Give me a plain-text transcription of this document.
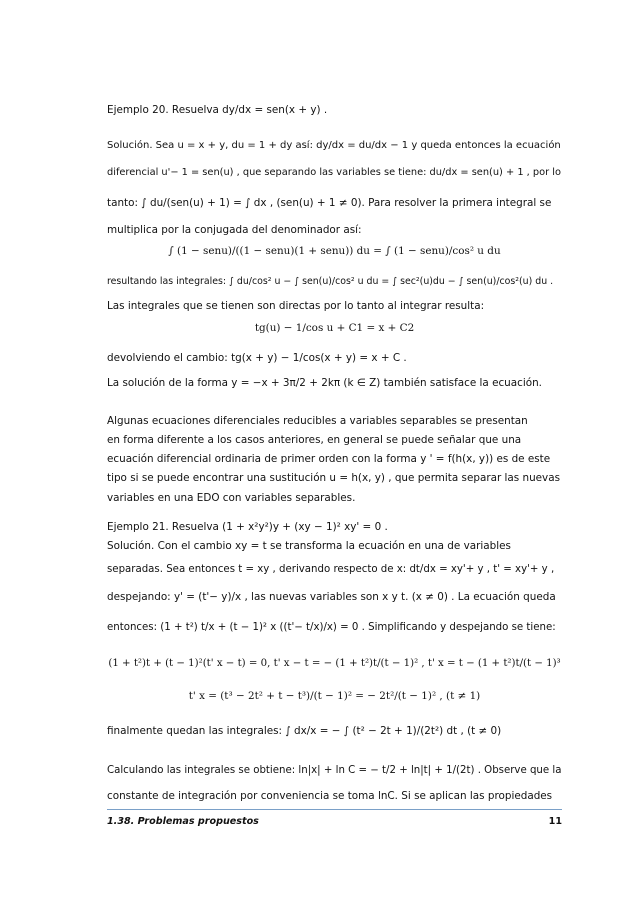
Ejemplo 20. Resuelva dy/dx = sen(x + y) .
Solución. Sea u = x + y, du = 1 + dy así: dy/dx = du/dx − 1 y queda entonces la ecuación
diferencial u'− 1 = sen(u) , que separando las variables se tiene: du/dx = sen(u) + 1 , por lo
tanto: ∫ du/(sen(u) + 1) = ∫ dx , (sen(u) + 1 ≠ 0). Para resolver la primera integral se
multiplica por la conjugada del denominador así:
∫ (1 − senu)/((1 − senu)(1 + senu)) du = ∫ (1 − senu)/cos² u du
resultando las integrales: ∫ du/cos² u − ∫ sen(u)/cos² u du = ∫ sec²(u)du − ∫ sen(u)/cos²(u) du .
Las integrales que se tienen son directas por lo tanto al integrar resulta:
tg(u) − 1/cos u + C1 = x + C2
devolviendo el cambio: tg(x + y) − 1/cos(x + y) = x + C .
La solución de la forma y = −x + 3π/2 + 2kπ (k ∈ Z) también satisface la ecuación.
Algunas ecuaciones diferenciales reducibles a variables separables se presentan
en forma diferente a los casos anteriores, en general se puede señalar que una
ecuación diferencial ordinaria de primer orden con la forma y ' = f(h(x, y)) es de este
tipo si se puede encontrar una sustitución u = h(x, y) , que permita separar las nuevas
variables en una EDO con variables separables.
Ejemplo 21. Resuelva (1 + x²y²)y + (xy − 1)² xy' = 0 .
Solución. Con el cambio xy = t se transforma la ecuación en una de variables
separadas. Sea entonces t = xy , derivando respecto de x: dt/dx = xy'+ y , t' = xy'+ y ,
despejando: y' = (t'− y)/x , las nuevas variables son x y t. (x ≠ 0) . La ecuación queda
entonces: (1 + t²) t/x + (t − 1)² x ((t'− t/x)/x) = 0 . Simplificando y despejando se tiene:
(1 + t²)t + (t − 1)²(t' x − t) = 0, t' x − t = − (1 + t²)t/(t − 1)² , t' x = t − (1 + t²)t/(t − 1)³
t' x = (t³ − 2t² + t − t³)/(t − 1)² = − 2t²/(t − 1)² , (t ≠ 1)
finalmente quedan las integrales: ∫ dx/x = − ∫ (t² − 2t + 1)/(2t²) dt , (t ≠ 0)
Calculando las integrales se obtiene: ln|x| + ln C = − t/2 + ln|t| + 1/(2t) . Observe que la
constante de integración por conveniencia se toma lnC. Si se aplican las propiedades
1.38. Problemas propuestos	11
